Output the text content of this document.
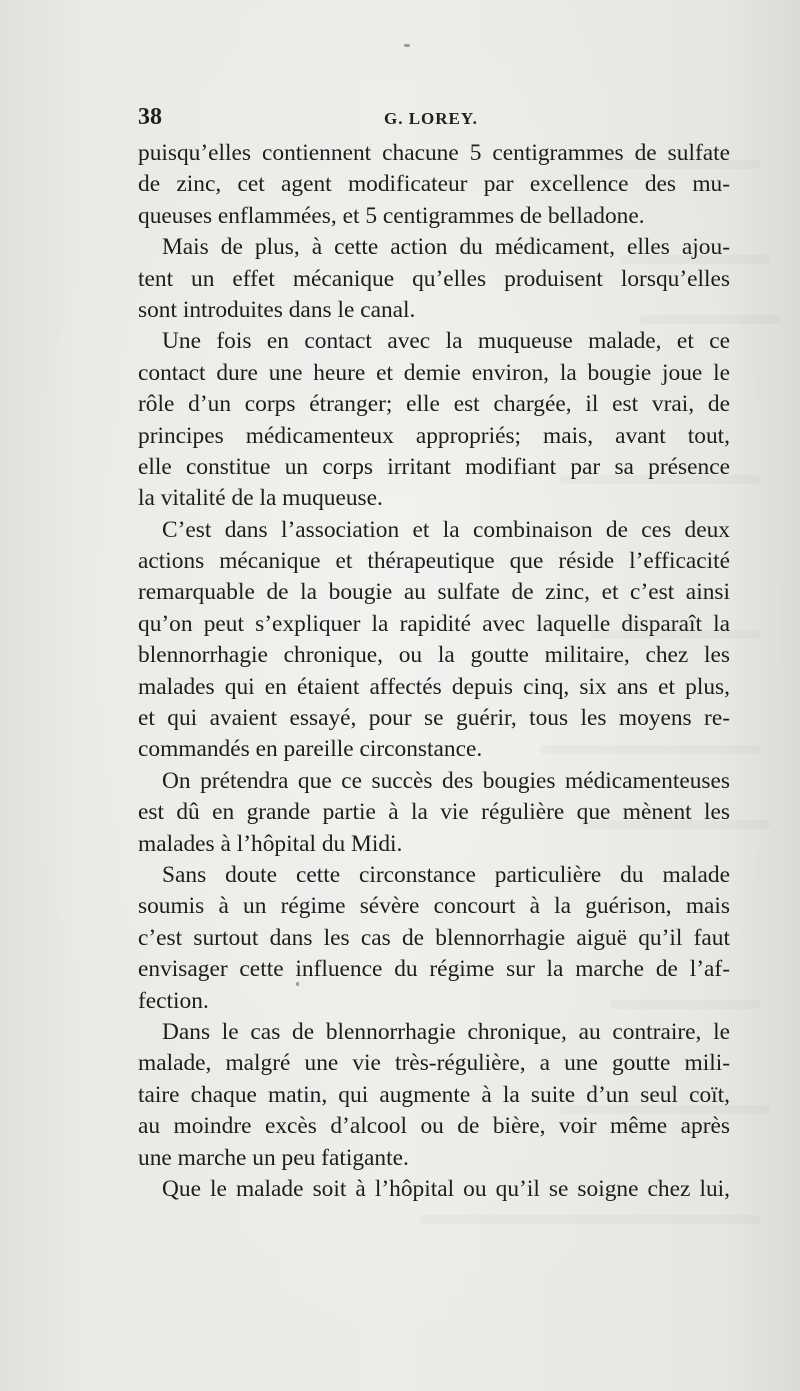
38	G. LOREY.
puisqu’elles contiennent chacune 5 centigrammes de sulfate
de zinc, cet agent modificateur par excellence des mu-
queuses enflammées, et 5 centigrammes de belladone.
Mais de plus, à cette action du médicament, elles ajou-
tent un effet mécanique qu’elles produisent lorsqu’elles
sont introduites dans le canal.
Une fois en contact avec la muqueuse malade, et ce
contact dure une heure et demie environ, la bougie joue le
rôle d’un corps étranger; elle est chargée, il est vrai, de
principes médicamenteux appropriés; mais, avant tout,
elle constitue un corps irritant modifiant par sa présence
la vitalité de la muqueuse.
C’est dans l’association et la combinaison de ces deux
actions mécanique et thérapeutique que réside l’efficacité
remarquable de la bougie au sulfate de zinc, et c’est ainsi
qu’on peut s’expliquer la rapidité avec laquelle disparaît la
blennorrhagie chronique, ou la goutte militaire, chez les
malades qui en étaient affectés depuis cinq, six ans et plus,
et qui avaient essayé, pour se guérir, tous les moyens re-
commandés en pareille circonstance.
On prétendra que ce succès des bougies médicamenteuses
est dû en grande partie à la vie régulière que mènent les
malades à l’hôpital du Midi.
Sans doute cette circonstance particulière du malade
soumis à un régime sévère concourt à la guérison, mais
c’est surtout dans les cas de blennorrhagie aiguë qu’il faut
envisager cette influence du régime sur la marche de l’af-
fection.
Dans le cas de blennorrhagie chronique, au contraire, le
malade, malgré une vie très-régulière, a une goutte mili-
taire chaque matin, qui augmente à la suite d’un seul coït,
au moindre excès d’alcool ou de bière, voir même après
une marche un peu fatigante.
Que le malade soit à l’hôpital ou qu’il se soigne chez lui,
